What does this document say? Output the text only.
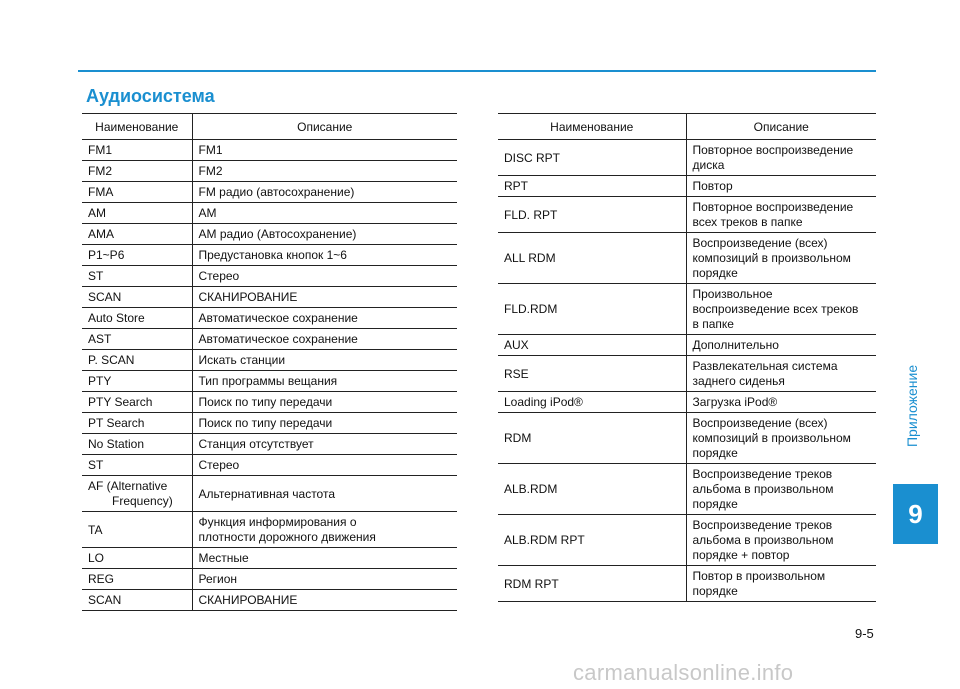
Аудиосистема
Наименование	Описание
FM1	FM1
FM2	FM2
FMA	FM радио (автосохранение)
AM	AM
AMA	AM радио (Автосохранение)
P1~P6	Предустановка кнопок 1~6
ST	Стерео
SCAN	СКАНИРОВАНИЕ
Auto Store	Автоматическое сохранение
AST	Автоматическое сохранение
P. SCAN	Искать станции
PTY	Тип программы вещания
PTY Search	Поиск по типу передачи
PT Search	Поиск по типу передачи
No Station	Станция отсутствует
ST	Стерео
AF (Alternative
Frequency)	Альтернативная частота
TA	Функция информирования о
плотности дорожного движения
LO	Местные
REG	Регион
SCAN	СКАНИРОВАНИЕ
Наименование	Описание
DISC RPT	Повторное воспроизведение
диска
RPT	Повтор
FLD. RPT	Повторное воспроизведение
всех треков в папке
ALL RDM	Воспроизведение (всех)
композиций в произвольном
порядке
FLD.RDM	Произвольное
воспроизведение всех треков
в папке
AUX	Дополнительно
RSE	Развлекательная система
заднего сиденья
Loading iPod®	Загрузка iPod®
RDM	Воспроизведение (всех)
композиций в произвольном
порядке
ALB.RDM	Воспроизведение треков
альбома в произвольном
порядке
ALB.RDM RPT	Воспроизведение треков
альбома в произвольном
порядке + повтор
RDM RPT	Повтор в произвольном порядке
Приложение
9
9-5
carmanualsonline.info
